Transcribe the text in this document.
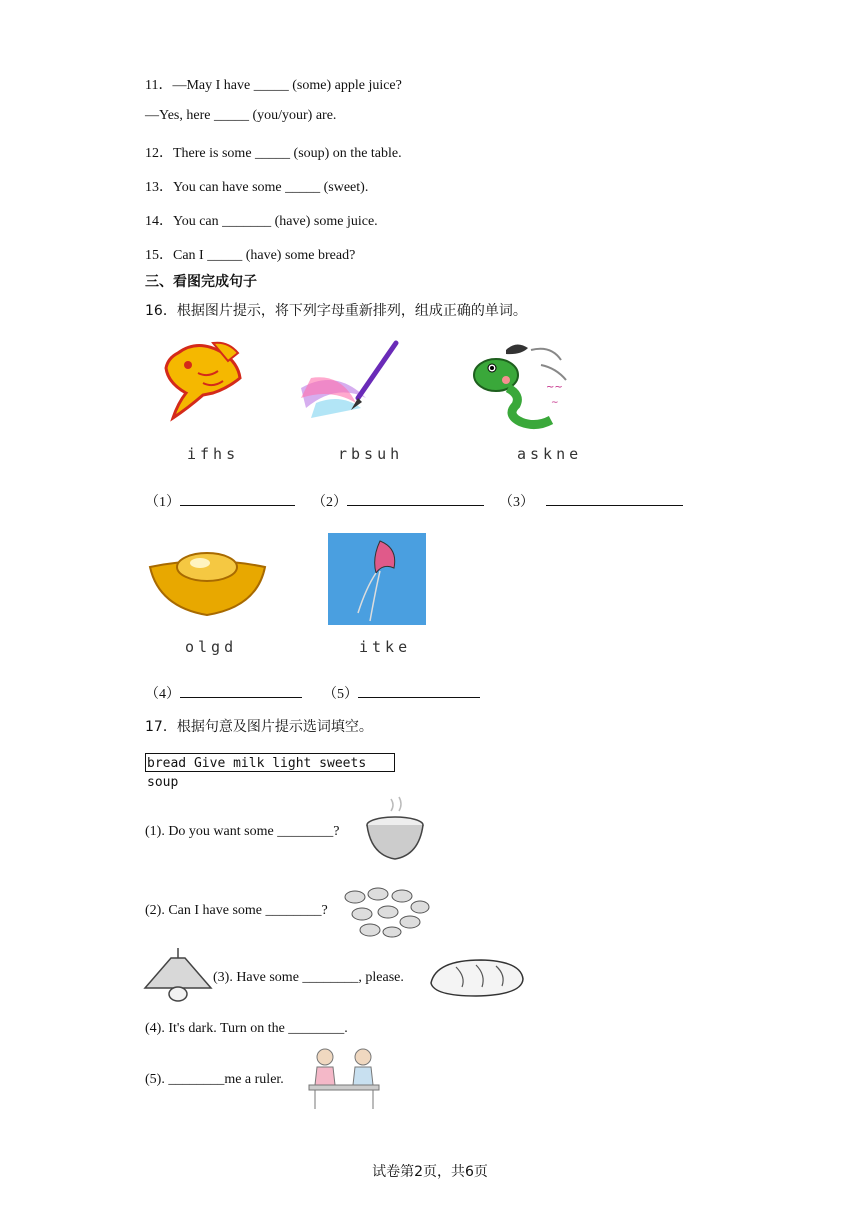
11．—May I have _____ (some) apple juice?
—Yes, here _____ (you/your) are.
12．There is some _____ (soup) on the table.
13．You can have some _____ (sweet).
14．You can _______ (have) some juice.
15．Can I _____ (have) some bread?
三、看图完成句子
16．根据图片提示，将下列字母重新排列，组成正确的单词。
~~
~
ifhs	rbsuh	askne
（1）	（2）	（3）
olgd	itke
（4）	（5）
17．根据句意及图片提示选词填空。
bread Give milk light sweets soup
(1). Do you want some ________?
(2). Can I have some ________?
(3). Have some ________, please.
(4). It's dark. Turn on the ________.
(5). ________me a ruler.
试卷第2页，共6页
